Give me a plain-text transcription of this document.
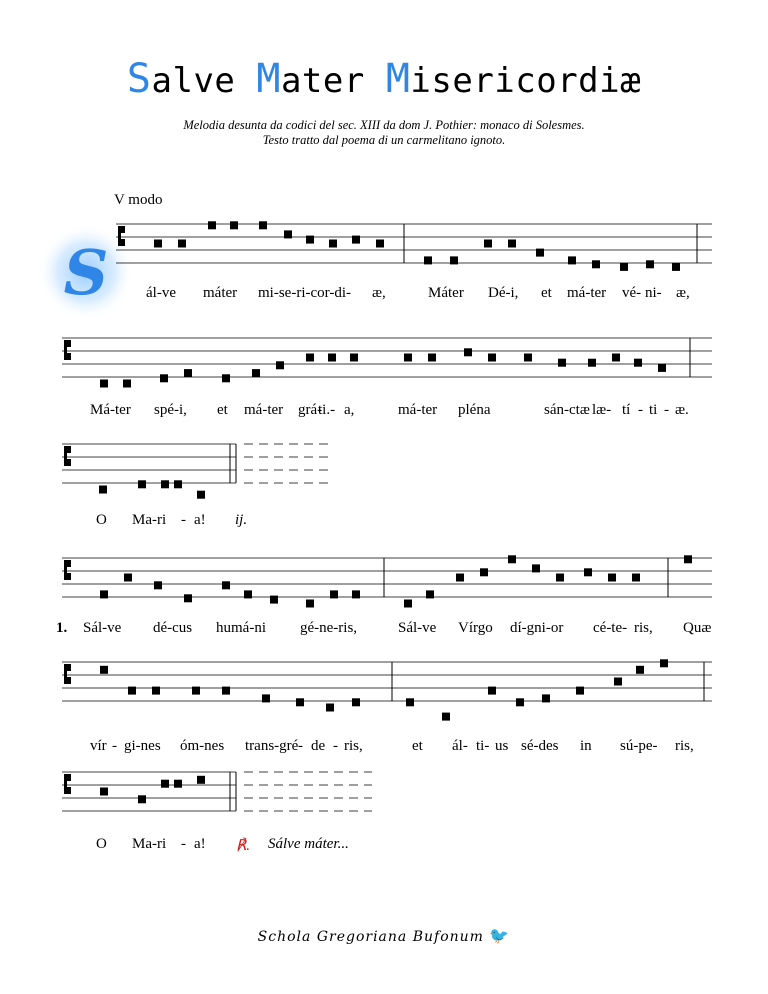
Salve Mater Misericordiæ
Melodia desunta da codici del sec. XIII da dom J. Pothier: monaco di Solesmes.
Testo tratto dal poema di un carmelitano ignoto.
V modo
S	ál-ve máter mi-se-ri-cor-di- æ,	Máter Dé-i, et má-ter vé- ni- æ,
Má-ter spé-i, et má-ter grá-
ti.- a,	má-ter pléna	sán-ctæ læ- tí - ti - æ.
O Ma-ri - a! ij.
1. Sál-ve dé-cus humá-ni gé-ne-ris,	Sál-ve Vírgo dí-gni-or cé-te- ris, Quæ
vír - gi-nes óm-nes trans-gré - de - ris,	et ál- ti- us sé-des in sú-pe- ris,
O Ma-ri - a! ℟. Sálve máter...
Schola Gregoriana Bufonum 🐦
